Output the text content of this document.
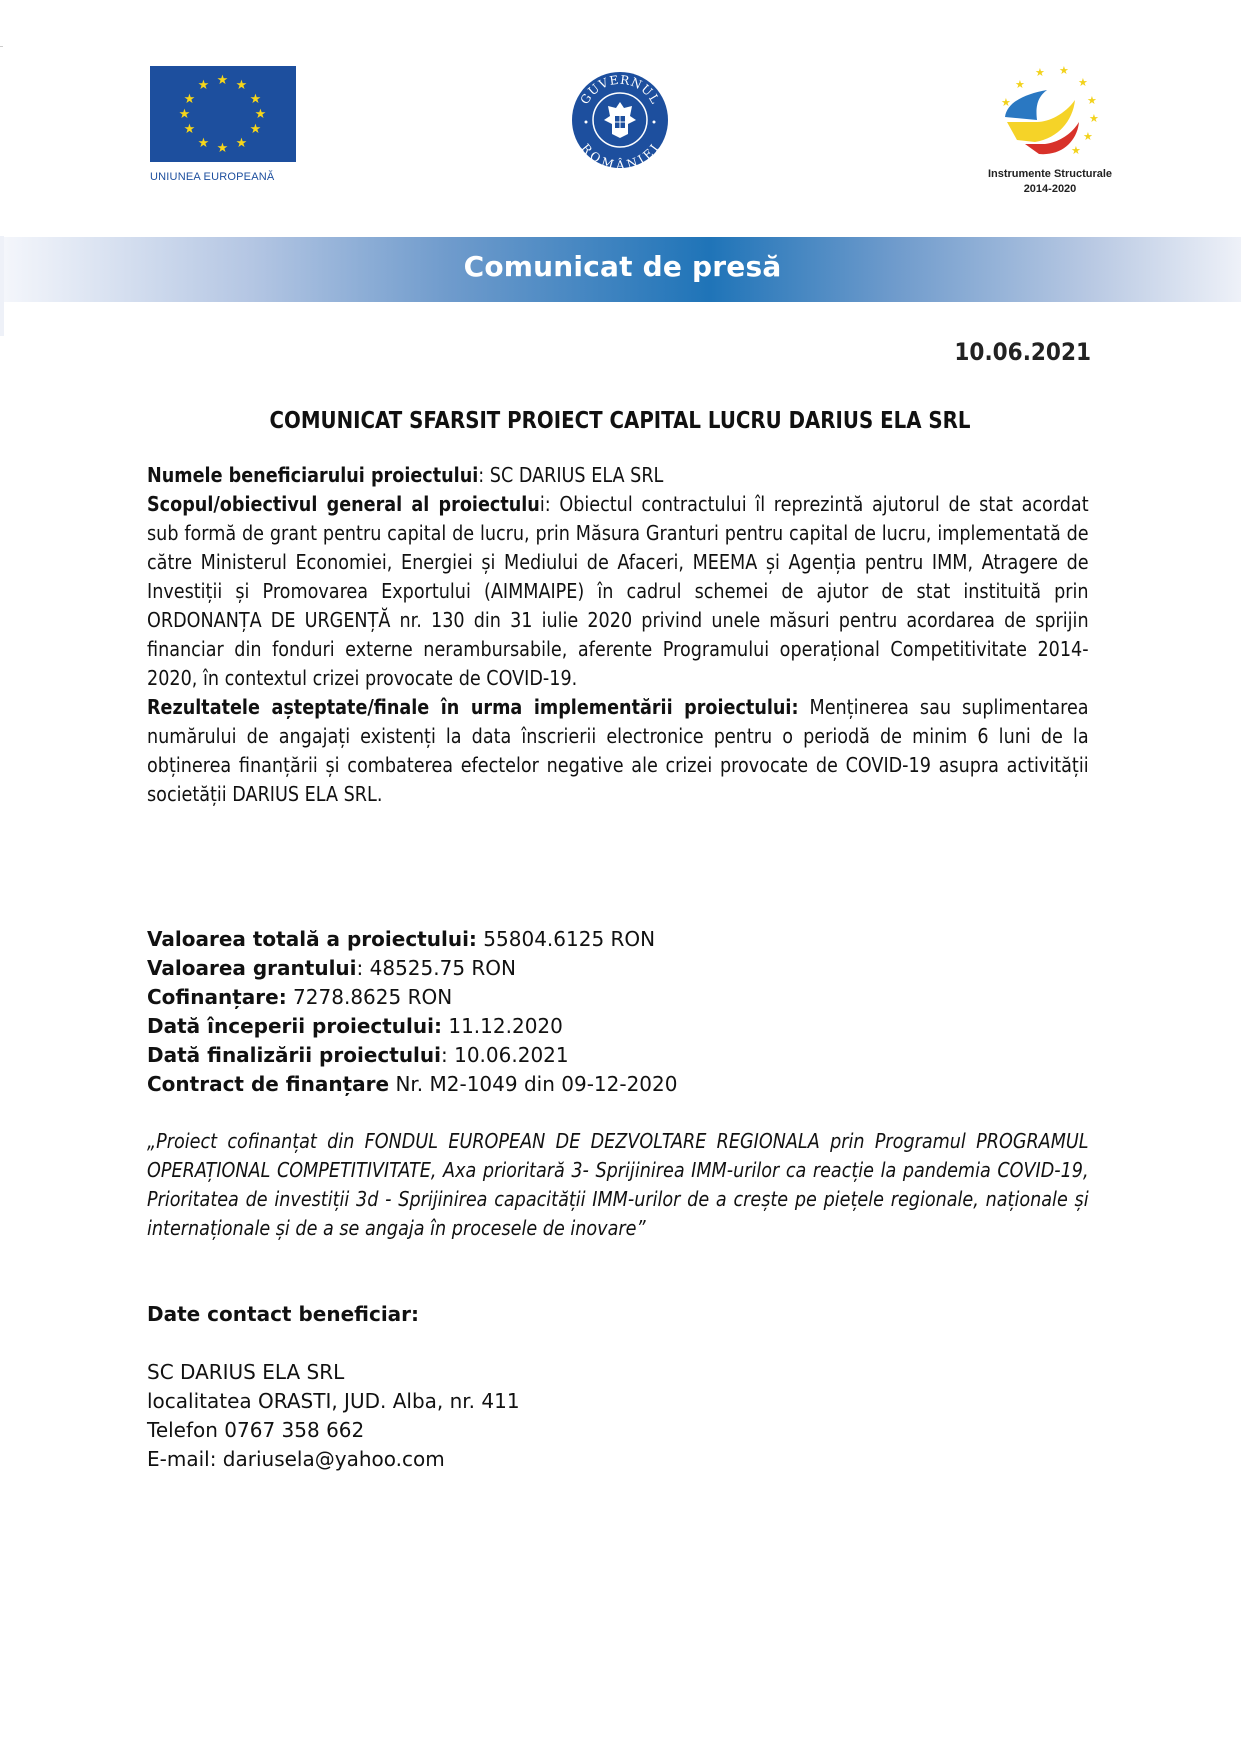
★ ★
★
★
★
★
★
★
★
★
★
★
UNIUNEA EUROPEANĂ
GUVERNUL
ROMÂNIEI
★ ★
★
★
★
★
★
★
★
Instrumente Structurale
2014-2020
Comunicat de presă
10.06.2021
COMUNICAT SFARSIT PROIECT CAPITAL LUCRU DARIUS ELA SRL

Numele beneficiarului proiectului: SC DARIUS ELA SRL

Scopul/obiectivul general al proiectului: Obiectul contractului îl reprezintă ajutorul de stat acordat sub formă de grant pentru capital de lucru, prin Măsura Granturi pentru capital de lucru, implementată de către Ministerul Economiei, Energiei și Mediului de Afaceri, MEEMA și Agenția pentru IMM, Atragere de Investiții și Promovarea Exportului (AIMMAIPE) în cadrul schemei de ajutor de stat instituită prin ORDONANȚA DE URGENȚĂ nr. 130 din 31 iulie 2020 privind unele măsuri pentru acordarea de sprijin financiar din fonduri externe nerambursabile, aferente Programului operațional Competitivitate 2014-2020, în contextul crizei provocate de COVID-19.

Rezultatele așteptate/finale în urma implementării proiectului: Menținerea sau suplimentarea numărului de angajați existenți la data înscrierii electronice pentru o periodă de minim 6 luni de la obținerea finanțării și combaterea efectelor negative ale crizei provocate de COVID-19 asupra activității societății DARIUS ELA SRL.

Valoarea totală a proiectului: 55804.6125 RON
Valoarea grantului: 48525.75 RON
Cofinanțare: 7278.8625 RON
Dată începerii proiectului: 11.12.2020
Dată finalizării proiectului: 10.06.2021
Contract de finanțare Nr. M2-1049 din 09-12-2020

„Proiect cofinanțat din FONDUL EUROPEAN DE DEZVOLTARE REGIONALA prin Programul PROGRAMUL OPERAȚIONAL COMPETITIVITATE, Axa prioritară 3- Sprijinirea IMM-urilor ca reacție la pandemia COVID-19, Prioritatea de investiții 3d - Sprijinirea capacității IMM-urilor de a crește pe piețele regionale, naționale și internaționale și de a se angaja în procesele de inovare”

Date contact beneficiar:
SC DARIUS ELA SRL
localitatea ORASTI, JUD. Alba, nr. 411
Telefon 0767 358 662
E-mail: dariusela@yahoo.com
